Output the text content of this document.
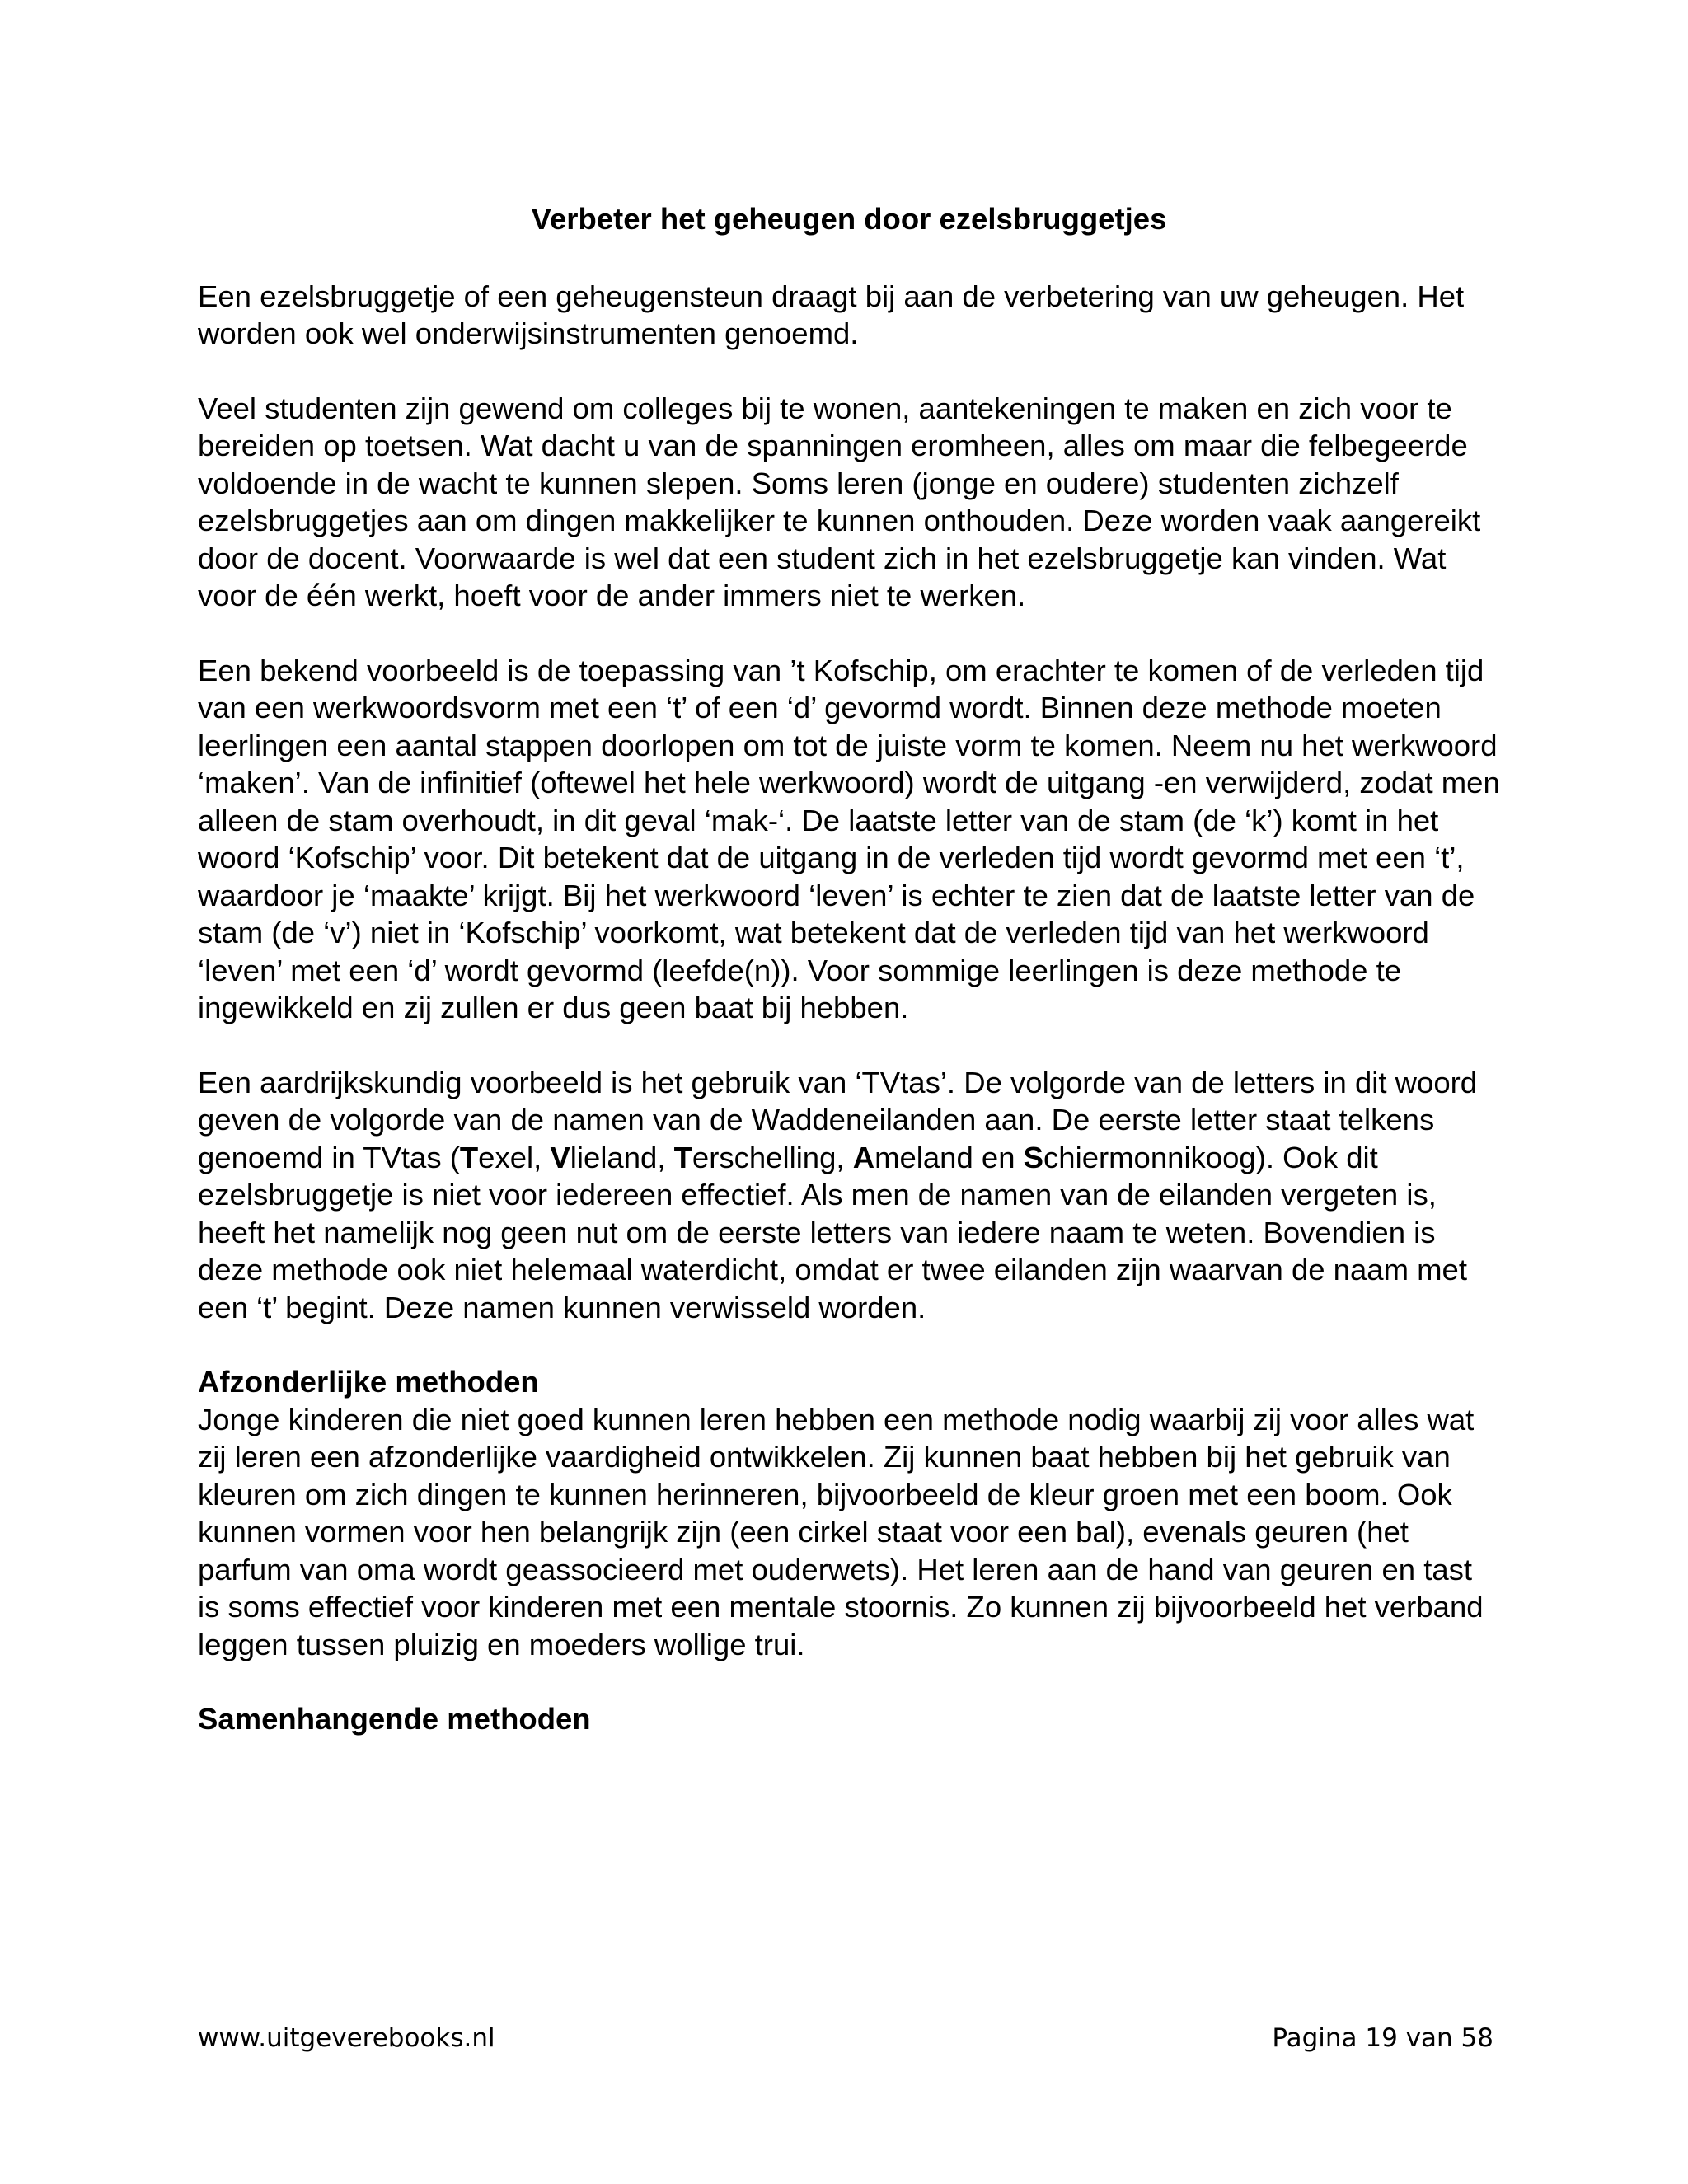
Verbeter het geheugen door ezelsbruggetjes

Een ezelsbruggetje of een geheugensteun draagt bij aan de verbetering van uw geheugen. Het worden ook wel onderwijsinstrumenten genoemd.

Veel studenten zijn gewend om colleges bij te wonen, aantekeningen te maken en zich voor te bereiden op toetsen. Wat dacht u van de spanningen eromheen, alles om maar die felbegeerde voldoende in de wacht te kunnen slepen. Soms leren (jonge en oudere) studenten zichzelf ezelsbruggetjes aan om dingen makkelijker te kunnen onthouden. Deze worden vaak aangereikt door de docent. Voorwaarde is wel dat een student zich in het ezelsbruggetje kan vinden. Wat voor de één werkt, hoeft voor de ander immers niet te werken.

Een bekend voorbeeld is de toepassing van ’t Kofschip, om erachter te komen of de verleden tijd van een werkwoordsvorm met een ‘t’ of een ‘d’ gevormd wordt. Binnen deze methode moeten leerlingen een aantal stappen doorlopen om tot de juiste vorm te komen. Neem nu het werkwoord ‘maken’. Van de infinitief (oftewel het hele werkwoord) wordt de uitgang -en verwijderd, zodat men alleen de stam overhoudt, in dit geval ‘mak-‘. De laatste letter van de stam (de ‘k’) komt in het woord ‘Kofschip’ voor. Dit betekent dat de uitgang in de verleden tijd wordt gevormd met een ‘t’, waardoor je ‘maakte’ krijgt. Bij het werkwoord ‘leven’ is echter te zien dat de laatste letter van de stam (de ‘v’) niet in ‘Kofschip’ voorkomt, wat betekent dat de verleden tijd van het werkwoord ‘leven’ met een ‘d’ wordt gevormd (leefde(n)). Voor sommige leerlingen is deze methode te ingewikkeld en zij zullen er dus geen baat bij hebben.

Een aardrijkskundig voorbeeld is het gebruik van ‘TVtas’. De volgorde van de letters in dit woord geven de volgorde van de namen van de Waddeneilanden aan. De eerste letter staat telkens genoemd in TVtas (Texel, Vlieland, Terschelling, Ameland en Schiermonnikoog). Ook dit ezelsbruggetje is niet voor iedereen effectief. Als men de namen van de eilanden vergeten is, heeft het namelijk nog geen nut om de eerste letters van iedere naam te weten. Bovendien is deze methode ook niet helemaal waterdicht, omdat er twee eilanden zijn waarvan de naam met een ‘t’ begint. Deze namen kunnen verwisseld worden.

Afzonderlijke methoden

Jonge kinderen die niet goed kunnen leren hebben een methode nodig waarbij zij voor alles wat zij leren een afzonderlijke vaardigheid ontwikkelen. Zij kunnen baat hebben bij het gebruik van kleuren om zich dingen te kunnen herinneren, bijvoorbeeld de kleur groen met een boom. Ook kunnen vormen voor hen belangrijk zijn (een cirkel staat voor een bal), evenals geuren (het parfum van oma wordt geassocieerd met ouderwets). Het leren aan de hand van geuren en tast is soms effectief voor kinderen met een mentale stoornis. Zo kunnen zij bijvoorbeeld het verband leggen tussen pluizig en moeders wollige trui.

Samenhangende methoden
www.uitgeverebooks.nl	Pagina 19 van 58
